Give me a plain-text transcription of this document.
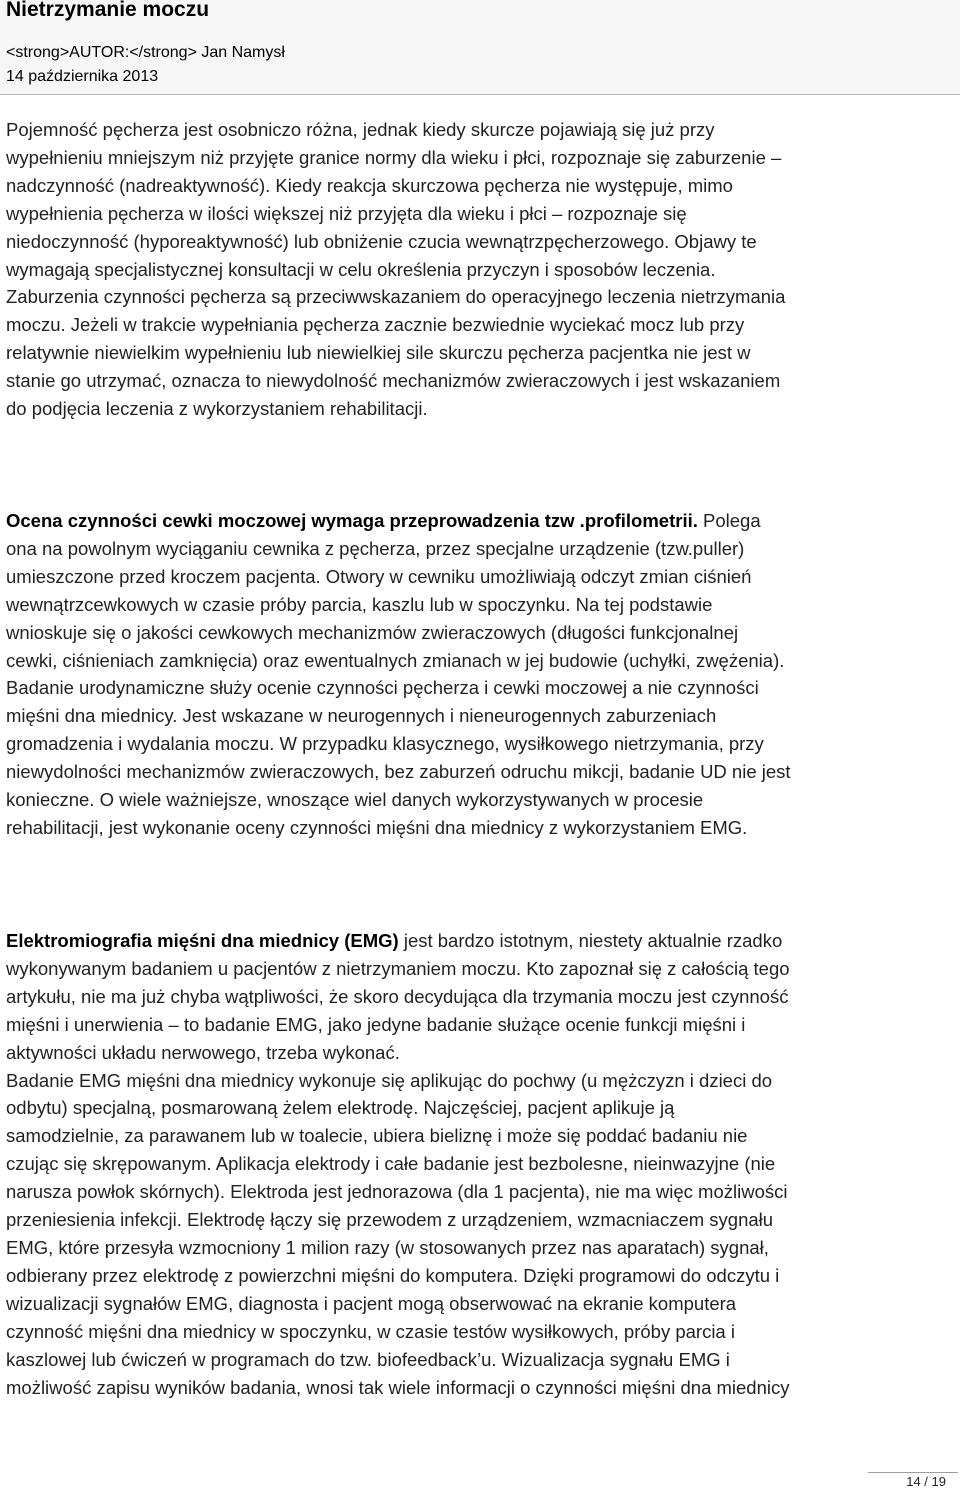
Nietrzymanie moczu
<strong>AUTOR:</strong> Jan Namysł
14 października 2013

Pojemność pęcherza jest osobniczo różna, jednak kiedy skurcze pojawiają się już przy
wypełnieniu mniejszym niż przyjęte granice normy dla wieku i płci, rozpoznaje się zaburzenie –
nadczynność (nadreaktywność). Kiedy reakcja skurczowa pęcherza nie występuje, mimo
wypełnienia pęcherza w ilości większej niż przyjęta dla wieku i płci – rozpoznaje się
niedoczynność (hyporeaktywność) lub obniżenie czucia wewnątrzpęcherzowego. Objawy te
wymagają specjalistycznej konsultacji w celu określenia przyczyn i sposobów leczenia.
Zaburzenia czynności pęcherza są przeciwwskazaniem do operacyjnego leczenia nietrzymania
moczu. Jeżeli w trakcie wypełniania pęcherza zacznie bezwiednie wyciekać mocz lub przy
relatywnie niewielkim wypełnieniu lub niewielkiej sile skurczu pęcherza pacjentka nie jest w
stanie go utrzymać, oznacza to niewydolność mechanizmów zwieraczowych i jest wskazaniem
do podjęcia leczenia z wykorzystaniem rehabilitacji.

Ocena czynności cewki moczowej wymaga przeprowadzenia tzw .profilometrii. Polega
ona na powolnym wyciąganiu cewnika z pęcherza, przez specjalne urządzenie (tzw.puller)
umieszczone przed kroczem pacjenta. Otwory w cewniku umożliwiają odczyt zmian ciśnień
wewnątrzcewkowych w czasie próby parcia, kaszlu lub w spoczynku. Na tej podstawie
wnioskuje się o jakości cewkowych mechanizmów zwieraczowych (długości funkcjonalnej
cewki, ciśnieniach zamknięcia) oraz ewentualnych zmianach w jej budowie (uchyłki, zwężenia).
Badanie urodynamiczne służy ocenie czynności pęcherza i cewki moczowej a nie czynności
mięśni dna miednicy. Jest wskazane w neurogennych i nieneurogennych zaburzeniach
gromadzenia i wydalania moczu. W przypadku klasycznego, wysiłkowego nietrzymania, przy
niewydolności mechanizmów zwieraczowych, bez zaburzeń odruchu mikcji, badanie UD nie jest
konieczne. O wiele ważniejsze, wnoszące wiel danych wykorzystywanych w procesie
rehabilitacji, jest wykonanie oceny czynności mięśni dna miednicy z wykorzystaniem EMG.

Elektromiografia mięśni dna miednicy (EMG) jest bardzo istotnym, niestety aktualnie rzadko
wykonywanym badaniem u pacjentów z nietrzymaniem moczu. Kto zapoznał się z całością tego
artykułu, nie ma już chyba wątpliwości, że skoro decydująca dla trzymania moczu jest czynność
mięśni i unerwienia – to badanie EMG, jako jedyne badanie służące ocenie funkcji mięśni i
aktywności układu nerwowego, trzeba wykonać.
Badanie EMG mięśni dna miednicy wykonuje się aplikując do pochwy (u mężczyzn i dzieci do
odbytu) specjalną, posmarowaną żelem elektrodę. Najczęściej, pacjent aplikuje ją
samodzielnie, za parawanem lub w toalecie, ubiera bieliznę i może się poddać badaniu nie
czując się skrępowanym. Aplikacja elektrody i całe badanie jest bezbolesne, nieinwazyjne (nie
narusza powłok skórnych). Elektroda jest jednorazowa (dla 1 pacjenta), nie ma więc możliwości
przeniesienia infekcji. Elektrodę łączy się przewodem z urządzeniem, wzmacniaczem sygnału
EMG, które przesyła wzmocniony 1 milion razy (w stosowanych przez nas aparatach) sygnał,
odbierany przez elektrodę z powierzchni mięśni do komputera. Dzięki programowi do odczytu i
wizualizacji sygnałów EMG, diagnosta i pacjent mogą obserwować na ekranie komputera
czynność mięśni dna miednicy w spoczynku, w czasie testów wysiłkowych, próby parcia i
kaszlowej lub ćwiczeń w programach do tzw. biofeedback’u. Wizualizacja sygnału EMG i
możliwość zapisu wyników badania, wnosi tak wiele informacji o czynności mięśni dna miednicy

14 / 19
